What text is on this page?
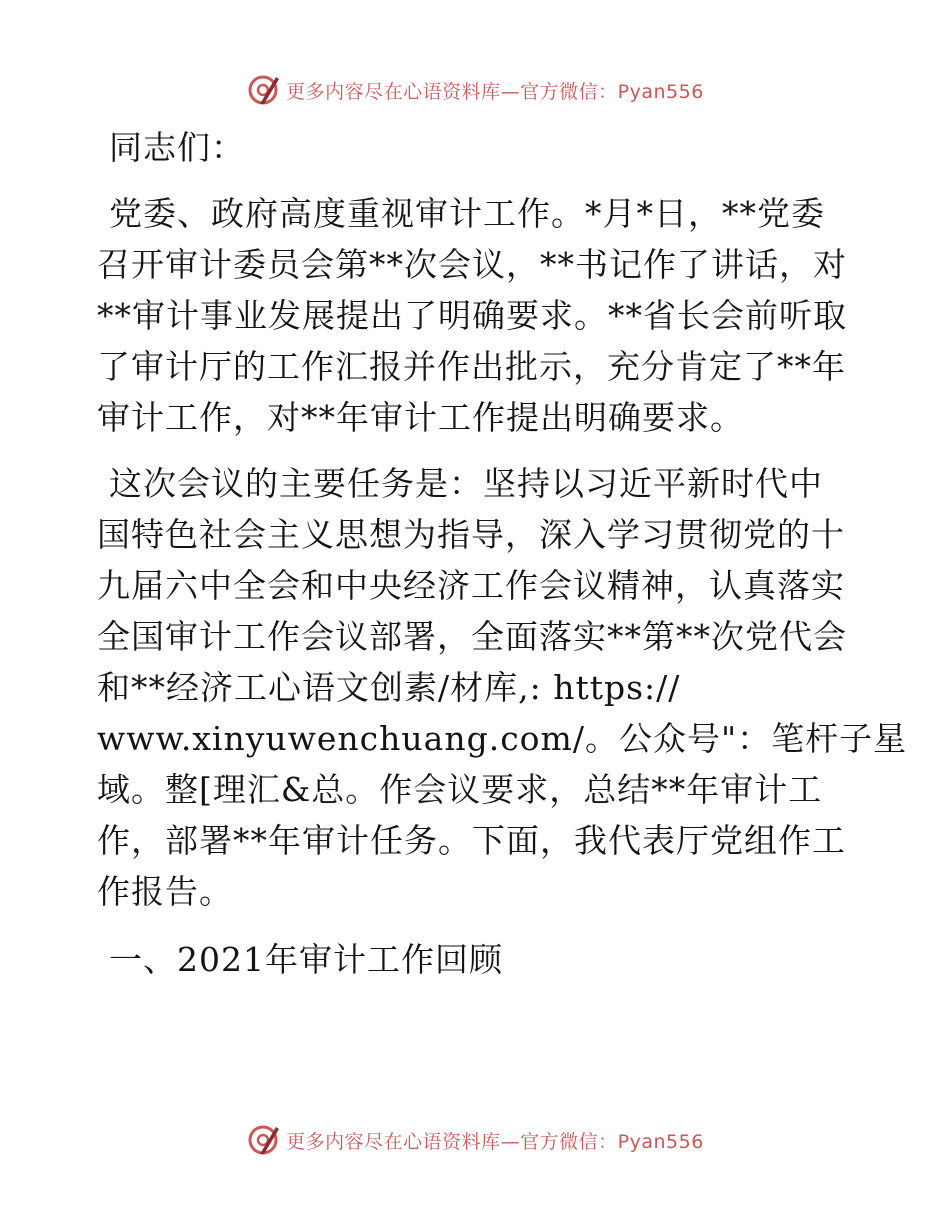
更多内容尽在心语资料库—官方微信：Pyan556

同志们：

党委、政府高度重视审计工作。*月*日，**党委
召开审计委员会第**次会议，**书记作了讲话，对
**审计事业发展提出了明确要求。**省长会前听取
了审计厅的工作汇报并作出批示，充分肯定了**年
审计工作，对**年审计工作提出明确要求。

这次会议的主要任务是：坚持以习近平新时代中
国特色社会主义思想为指导，深入学习贯彻党的十
九届六中全会和中央经济工作会议精神，认真落实
全国审计工作会议部署，全面落实**第**次党代会
和**经济工心语文创素/材库,: https://
www.xinyuwenchuang.com/。公众号"：笔杆子星
域。整[理汇&总。作会议要求，总结**年审计工
作，部署**年审计任务。下面，我代表厅党组作工
作报告。

一、2021年审计工作回顾

更多内容尽在心语资料库—官方微信：Pyan556
